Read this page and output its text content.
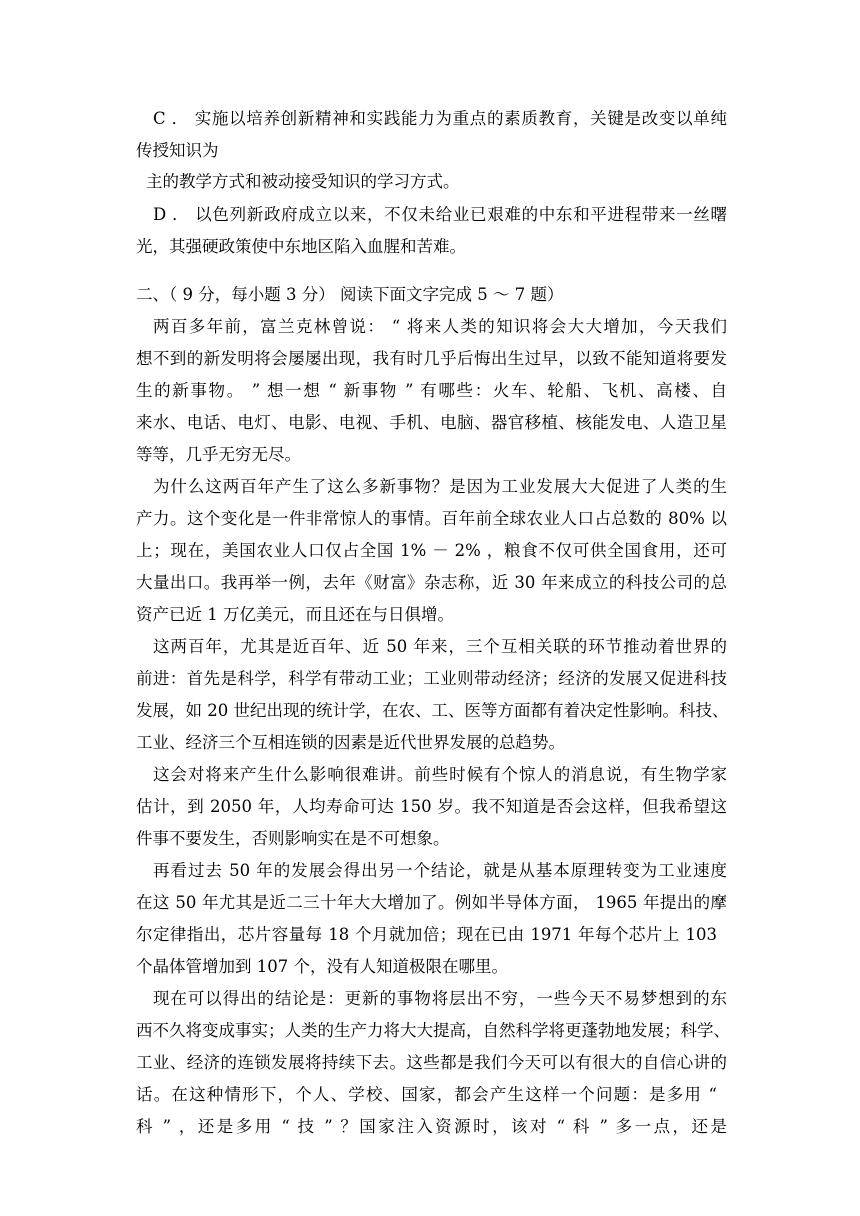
C ． 实施以培养创新精神和实践能力为重点的素质教育，关键是改变以单纯
传授知识为
主的教学方式和被动接受知识的学习方式。
D ． 以色列新政府成立以来，不仅未给业已艰难的中东和平进程带来一丝曙
光，其强硬政策使中东地区陷入血腥和苦难。
二、（ 9 分，每小题 3 分） 阅读下面文字完成 5 ～ 7 题）
两百多年前，富兰克林曾说： “ 将来人类的知识将会大大增加，今天我们
想不到的新发明将会屡屡出现，我有时几乎后悔出生过早，以致不能知道将要发
生的新事物。 ” 想一想 “ 新事物 ” 有哪些：火车、轮船、飞机、高楼、自
来水、电话、电灯、电影、电视、手机、电脑、器官移植、核能发电、人造卫星
等等，几乎无穷无尽。
为什么这两百年产生了这么多新事物？是因为工业发展大大促进了人类的生
产力。这个变化是一件非常惊人的事情。百年前全球农业人口占总数的 80% 以
上；现在，美国农业人口仅占全国 1% － 2% ，粮食不仅可供全国食用，还可
大量出口。我再举一例，去年《财富》杂志称，近 30 年来成立的科技公司的总
资产已近 1 万亿美元，而且还在与日俱增。
这两百年，尤其是近百年、近 50 年来，三个互相关联的环节推动着世界的
前进：首先是科学，科学有带动工业；工业则带动经济；经济的发展又促进科技
发展，如 20 世纪出现的统计学，在农、工、医等方面都有着决定性影响。科技、
工业、经济三个互相连锁的因素是近代世界发展的总趋势。
这会对将来产生什么影响很难讲。前些时候有个惊人的消息说，有生物学家
估计，到 2050 年，人均寿命可达 150 岁。我不知道是否会这样，但我希望这
件事不要发生，否则影响实在是不可想象。
再看过去 50 年的发展会得出另一个结论，就是从基本原理转变为工业速度
在这 50 年尤其是近二三十年大大增加了。例如半导体方面， 1965 年提出的摩
尔定律指出，芯片容量每 18 个月就加倍；现在已由 1971 年每个芯片上 103
个晶体管增加到 107 个，没有人知道极限在哪里。
现在可以得出的结论是：更新的事物将层出不穷，一些今天不易梦想到的东
西不久将变成事实；人类的生产力将大大提高，自然科学将更蓬勃地发展；科学、
工业、经济的连锁发展将持续下去。这些都是我们今天可以有很大的自信心讲的
话。在这种情形下，个人、学校、国家，都会产生这样一个问题：是多用 “
科 ” ，还是多用 “ 技 ” ？国家注入资源时，该对 “ 科 ” 多一点，还是
